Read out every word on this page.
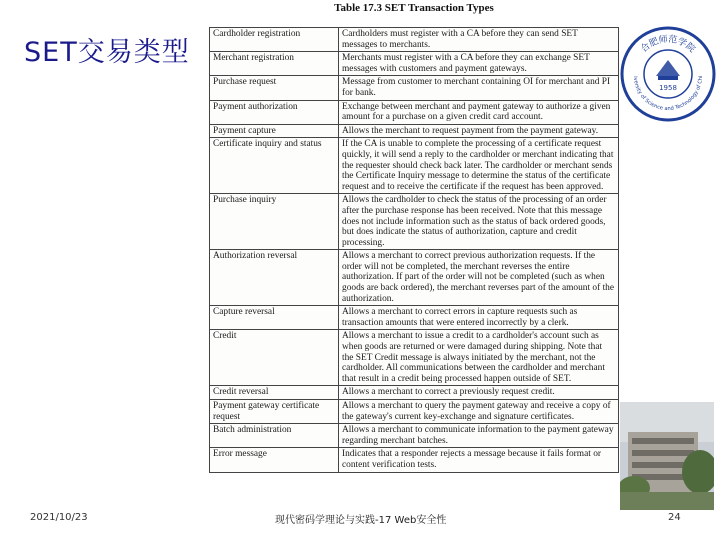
SET交易类型
Table 17.3 SET Transaction Types
Cardholder registration	Cardholders must register with a CA before they can send SET messages to merchants.
Merchant registration	Merchants must register with a CA before they can exchange SET messages with customers and payment gateways.
Purchase request	Message from customer to merchant containing OI for merchant and PI for bank.
Payment authorization	Exchange between merchant and payment gateway to authorize a given amount for a purchase on a given credit card account.
Payment capture	Allows the merchant to request payment from the payment gateway.
Certificate inquiry and status	If the CA is unable to complete the processing of a certificate request quickly, it will send a reply to the cardholder or merchant indicating that the requester should check back later. The cardholder or merchant sends the Certificate Inquiry message to determine the status of the certificate request and to receive the certificate if the request has been approved.
Purchase inquiry	Allows the cardholder to check the status of the processing of an order after the purchase response has been received. Note that this message does not include information such as the status of back ordered goods, but does indicate the status of authorization, capture and credit processing.
Authorization reversal	Allows a merchant to correct previous authorization requests. If the order will not be completed, the merchant reverses the entire authorization. If part of the order will not be completed (such as when goods are back ordered), the merchant reverses part of the amount of the authorization.
Capture reversal	Allows a merchant to correct errors in capture requests such as transaction amounts that were entered incorrectly by a clerk.
Credit	Allows a merchant to issue a credit to a cardholder's account such as when goods are returned or were damaged during shipping. Note that the SET Credit message is always initiated by the merchant, not the cardholder. All communications between the cardholder and merchant that result in a credit being processed happen outside of SET.
Credit reversal	Allows a merchant to correct a previously request credit.
Payment gateway certificate request	Allows a merchant to query the payment gateway and receive a copy of the gateway's current key-exchange and signature certificates.
Batch administration	Allows a merchant to communicate information to the payment gateway regarding merchant batches.
Error message	Indicates that a responder rejects a message because it fails format or content verification tests.
合肥师范学院
iversity of Science and Technology of Chi
1958
2021/10/23	现代密码学理论与实践-17 Web安全性	24
